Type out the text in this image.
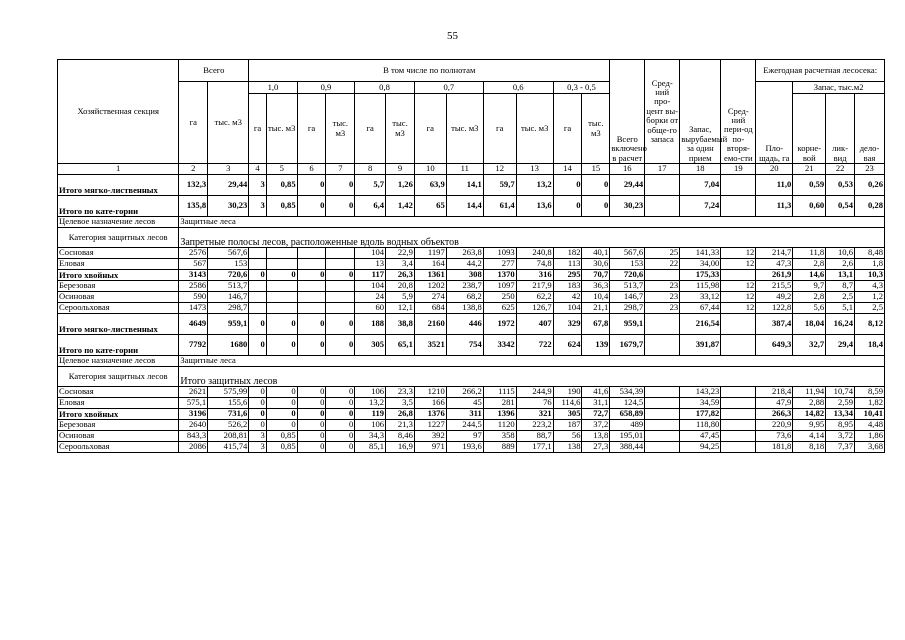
55
Хозяйственная секция	Всего		В том числе по полнотам												Всего включено в расчет	Сред-ний про-цент вы-борки от обще-го запаса	Запас, вырубаемый за один прием	Сред-ний пери-од по-вторя-емо-сти	Ежегодная расчетная лесосека:			
	га	тыс. м3	1,0		0,9		0,8		0,7		0,6		0,3 - 0,5						Пло-щадь, га	Запас, тыс.м2		
			га	тыс. м3	га	тыс. м3	га	тыс. м3	га	тыс. м3	га	тыс. м3	га	тыс. м3						корне-вой	лик-вид	дело-вая

1	2	3	4	5	6	7	8	9	10	11	12	13	14	15	16	17	18	19	20	21	22	23
Итого мягко-лиственных	132,3	29,44	3	0,85	0	0	5,7	1,26	63,9	14,1	59,7	13,2	0	0	29,44		7,04		11,0	0,59	0,53	0,26
Итого по кате-гории	135,8	30,23	3	0,85	0	0	6,4	1,42	65	14,4	61,4	13,6	0	0	30,23		7,24		11,3	0,60	0,54	0,28
Целевое назначение лесов	Защитные леса																					
Категория защитных лесов	Запретные полосы лесов, расположенные вдоль водных объектов																					
Сосновая	2576	567,6					104	22,9	1197	263,8	1093	240,8	182	40,1	567,6	25	141,33	12	214,7	11,8	10,6	8,48
Еловая	567	153					13	3,4	164	44,2	277	74,8	113	30,6	153	22	34,00	12	47,3	2,8	2,6	1,8
Итого хвойных	3143	720,6	0	0	0	0	117	26,3	1361	308	1370	316	295	70,7	720,6		175,33		261,9	14,6	13,1	10,3
Березовая	2586	513,7					104	20,8	1202	238,7	1097	217,9	183	36,3	513,7	23	115,98	12	215,5	9,7	8,7	4,3
Осиновая	590	146,7					24	5,9	274	68,2	250	62,2	42	10,4	146,7	23	33,12	12	49,2	2,8	2,5	1,2
Сероольховая	1473	298,7					60	12,1	684	138,8	625	126,7	104	21,1	298,7	23	67,44	12	122,8	5,6	5,1	2,5
Итого мягко-лиственных	4649	959,1	0	0	0	0	188	38,8	2160	446	1972	407	329	67,8	959,1		216,54		387,4	18,04	16,24	8,12
Итого по кате-гории	7792	1680	0	0	0	0	305	65,1	3521	754	3342	722	624	139	1679,7		391,87		649,3	32,7	29,4	18,4
Целевое назначение лесов	Защитные леса																					
Категория защитных лесов	Итого защитных лесов																					
Сосновая	2621	575,99	0	0	0	0	106	23,3	1210	266,2	1115	244,9	190	41,6	534,39		143,23		218,4	11,94	10,74	8,59
Еловая	575,1	155,6	0	0	0	0	13,2	3,5	166	45	281	76	114,6	31,1	124,5		34,59		47,9	2,88	2,59	1,82
Итого хвойных	3196	731,6	0	0	0	0	119	26,8	1376	311	1396	321	305	72,7	658,89		177,82		266,3	14,82	13,34	10,41
Березовая	2640	526,2	0	0	0	0	106	21,3	1227	244,5	1120	223,2	187	37,2	489		118,80		220,9	9,95	8,95	4,48
Осиновая	843,3	208,81	3	0,85	0	0	34,3	8,46	392	97	358	88,7	56	13,8	195,01		47,45		73,6	4,14	3,72	1,86
Сероольховая	2086	415,74	3	0,85	0	0	85,1	16,9	971	193,6	889	177,1	138	27,3	388,44		94,25		181,8	8,18	7,37	3,68
